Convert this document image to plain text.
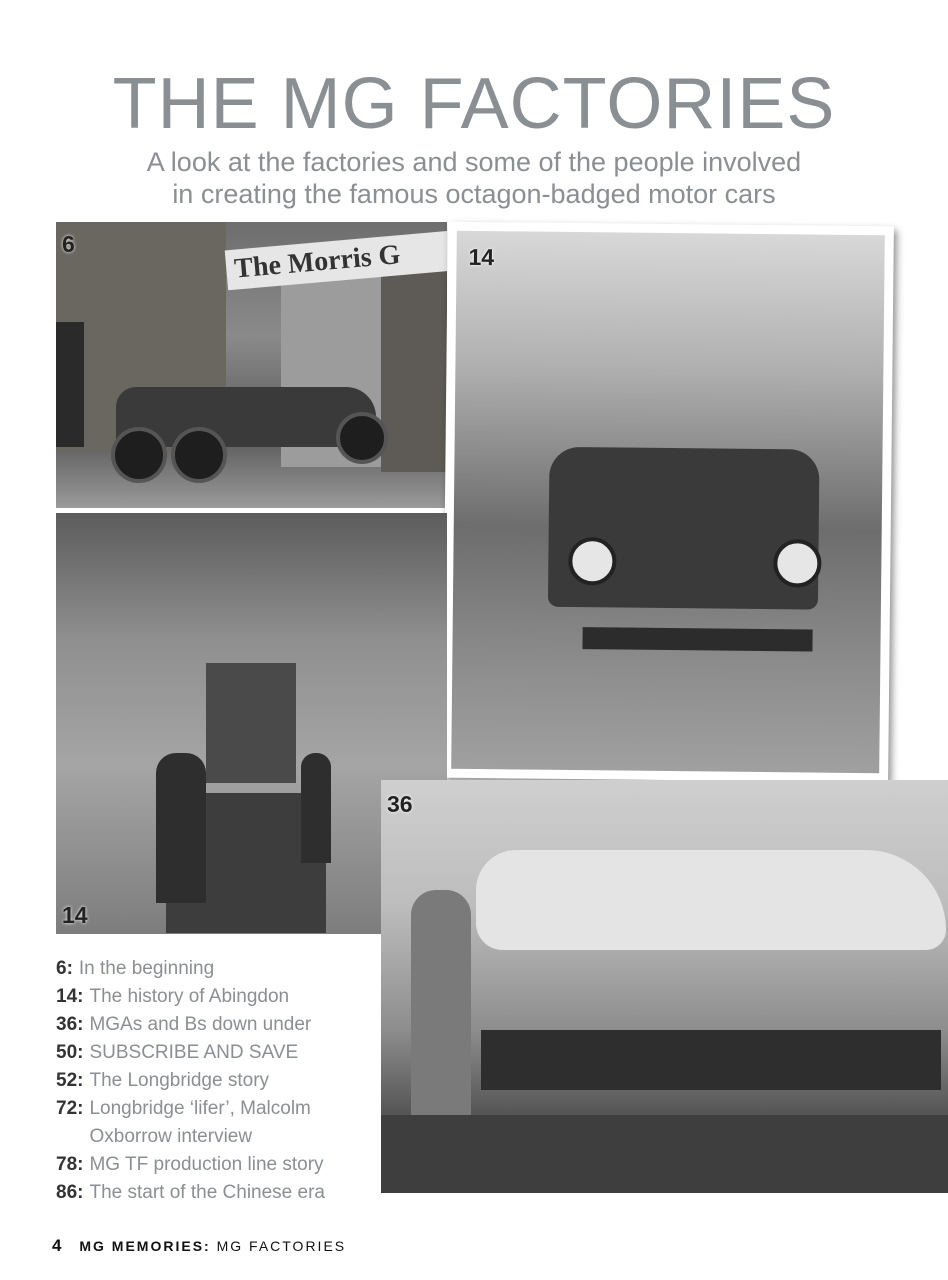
THE MG FACTORIES
A look at the factories and some of the people involved
in creating the famous octagon-badged motor cars
The Morris G
6	14
14
36
6: In the beginning
14: The history of Abingdon
36: MGAs and Bs down under
50: SUBSCRIBE AND SAVE
52: The Longbridge story
72: Longbridge ‘lifer’, Malcolm Oxborrow interview
78: MG TF production line story
86: The start of the Chinese era
4 MG MEMORIES: MG FACTORIES
